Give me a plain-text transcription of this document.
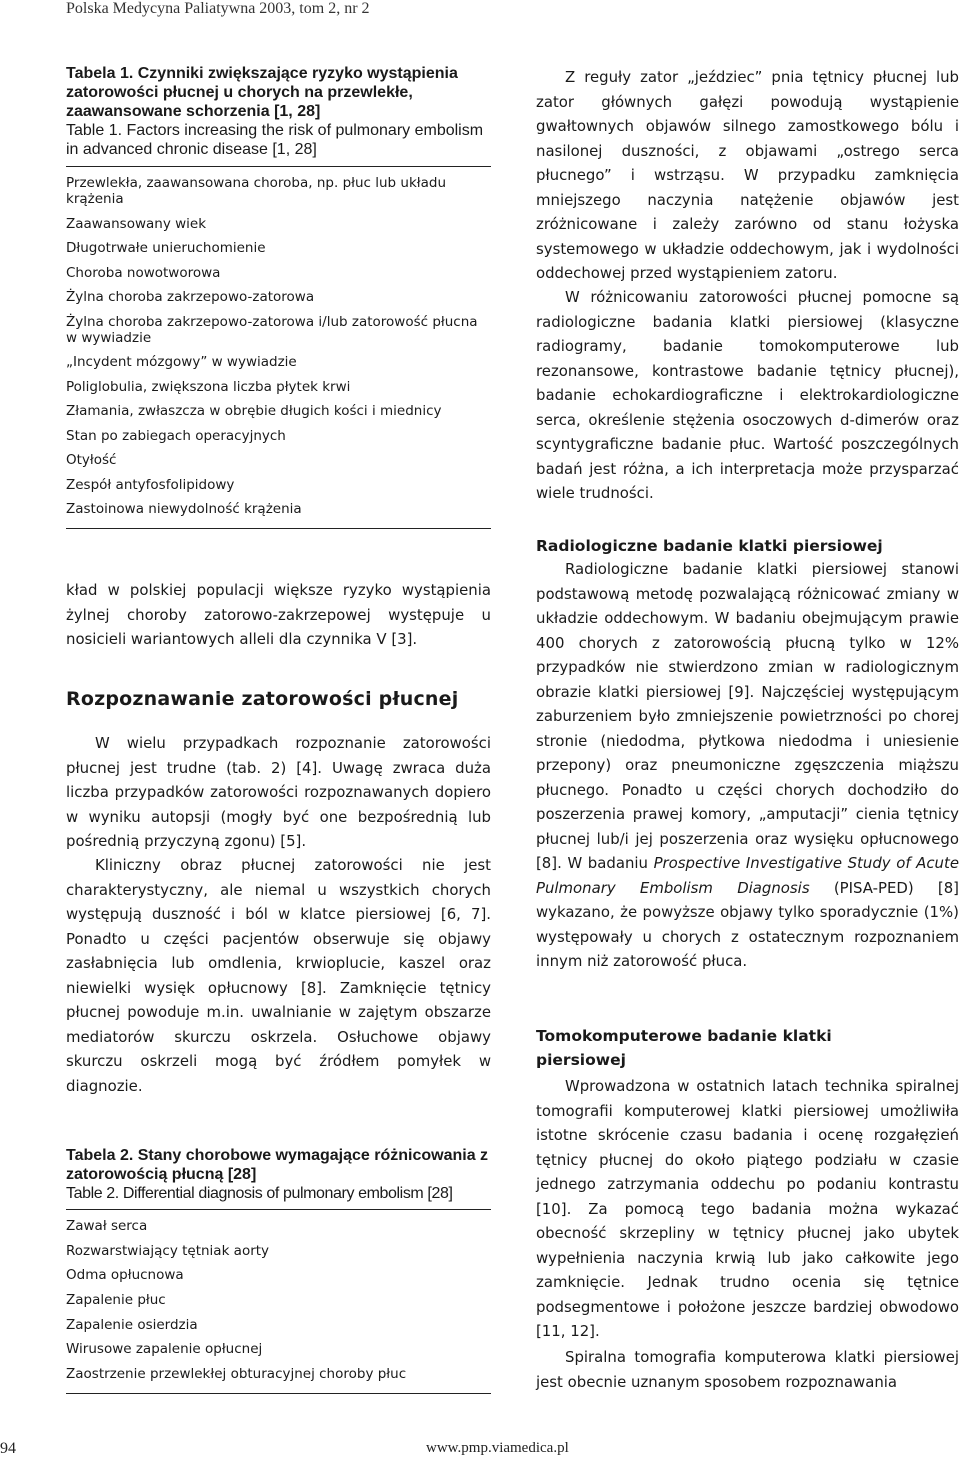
Polska Medycyna Paliatywna 2003, tom 2, nr 2
Tabela 1. Czynniki zwiększające ryzyko wystąpienia zatorowości płucnej u chorych na przewlekłe, zaawansowane schorzenia [1, 28]
Table 1. Factors increasing the risk of pulmonary embolism in advanced chronic disease [1, 28]
Przewlekła, zaawansowana choroba, np. płuc lub układu krążenia
Zaawansowany wiek
Długotrwałe unieruchomienie
Choroba nowotworowa
Żylna choroba zakrzepowo-zatorowa
Żylna choroba zakrzepowo-zatorowa i/lub zatorowość płucna w wywiadzie
„Incydent mózgowy” w wywiadzie
Poliglobulia, zwiększona liczba płytek krwi
Złamania, zwłaszcza w obrębie długich kości i miednicy
Stan po zabiegach operacyjnych
Otyłość
Zespół antyfosfolipidowy
Zastoinowa niewydolność krążenia

kład w polskiej populacji większe ryzyko wystąpienia żylnej choroby zatorowo-zakrzepowej występuje u nosicieli wariantowych alleli dla czynnika V [3].

Rozpoznawanie zatorowości płucnej

W wielu przypadkach rozpoznanie zatorowości płucnej jest trudne (tab. 2) [4]. Uwagę zwraca duża liczba przypadków zatorowości rozpoznawanych dopiero w wyniku autopsji (mogły być one bezpośrednią lub pośrednią przyczyną zgonu) [5].

Kliniczny obraz płucnej zatorowości nie jest charakterystyczny, ale niemal u wszystkich chorych występują duszność i ból w klatce piersiowej [6, 7]. Ponadto u części pacjentów obserwuje się objawy zasłabnięcia lub omdlenia, krwioplucie, kaszel oraz niewielki wysięk opłucnowy [8]. Zamknięcie tętnicy płucnej powoduje m.in. uwalnianie w zajętym obszarze mediatorów skurczu oskrzela. Osłuchowe objawy skurczu oskrzeli mogą być źródłem pomyłek w diagnozie.

Tabela 2. Stany chorobowe wymagające różnicowania z zatorowością płucną [28]
Table 2. Differential diagnosis of pulmonary embolism [28]
Zawał serca
Rozwarstwiający tętniak aorty
Odma opłucnowa
Zapalenie płuc
Zapalenie osierdzia
Wirusowe zapalenie opłucnej
Zaostrzenie przewlekłej obturacyjnej choroby płuc

Z reguły zator „jeździec” pnia tętnicy płucnej lub zator głównych gałęzi powodują wystąpienie gwałtownych objawów silnego zamostkowego bólu i nasilonej duszności, z objawami „ostrego serca płucnego” i wstrząsu. W przypadku zamknięcia mniejszego naczynia natężenie objawów jest zróżnicowane i zależy zarówno od stanu łożyska systemowego w układzie oddechowym, jak i wydolności oddechowej przed wystąpieniem zatoru.

W różnicowaniu zatorowości płucnej pomocne są radiologiczne badania klatki piersiowej (klasyczne radiogramy, badanie tomokomputerowe lub rezonansowe, kontrastowe badanie tętnicy płucnej), badanie echokardiograficzne i elektrokardiologiczne serca, określenie stężenia osoczowych d-dimerów oraz scyntygraficzne badanie płuc. Wartość poszczególnych badań jest różna, a ich interpretacja może przysparzać wiele trudności.

Radiologiczne badanie klatki piersiowej

Radiologiczne badanie klatki piersiowej stanowi podstawową metodę pozwalającą różnicować zmiany w układzie oddechowym. W badaniu obejmującym prawie 400 chorych z zatorowością płucną tylko w 12% przypadków nie stwierdzono zmian w radiologicznym obrazie klatki piersiowej [9]. Najczęściej występującym zaburzeniem było zmniejszenie powietrzności po chorej stronie (niedodma, płytkowa niedodma i uniesienie przepony) oraz pneumoniczne zgęszczenia miąższu płucnego. Ponadto u części chorych dochodziło do poszerzenia prawej komory, „amputacji” cienia tętnicy płucnej lub/i jej poszerzenia oraz wysięku opłucnowego [8]. W badaniu Prospective Investigative Study of Acute Pulmonary Embolism Diagnosis (PISA-PED) [8] wykazano, że powyższe objawy tylko sporadycznie (1%) występowały u chorych z ostatecznym rozpoznaniem innym niż zatorowość płuca.

Tomokomputerowe badanie klatki piersiowej

Wprowadzona w ostatnich latach technika spiralnej tomografii komputerowej klatki piersiowej umożliwiła istotne skrócenie czasu badania i ocenę rozgałęzień tętnicy płucnej do około piątego podziału w czasie jednego zatrzymania oddechu po podaniu kontrastu [10]. Za pomocą tego badania można wykazać obecność skrzepliny w tętnicy płucnej jako ubytek wypełnienia naczynia krwią lub jako całkowite jego zamknięcie. Jednak trudno ocenia się tętnice podsegmentowe i położone jeszcze bardziej obwodowo [11, 12].

Spiralna tomografia komputerowa klatki piersiowej jest obecnie uznanym sposobem rozpoznawania

94	www.pmp.viamedica.pl
